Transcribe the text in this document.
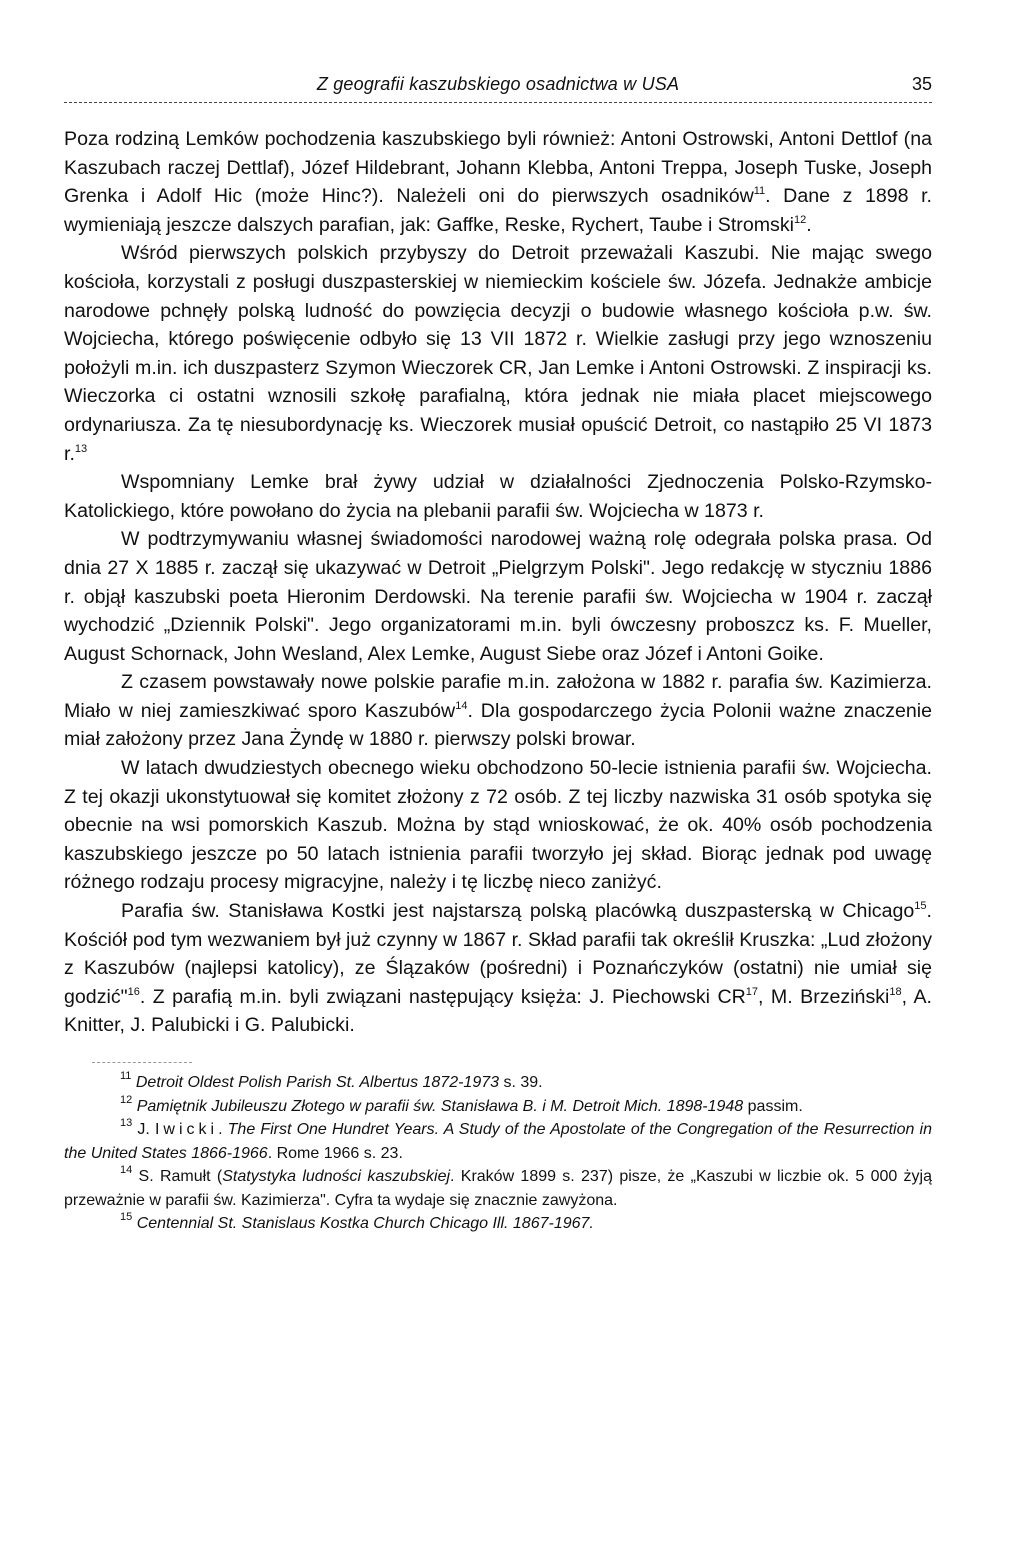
Z geografii kaszubskiego osadnictwa w USA	35

Poza rodziną Lemków pochodzenia kaszubskiego byli również: Antoni Ostrowski, Antoni Dettlof (na Kaszubach raczej Dettlaf), Józef Hildebrant, Johann Klebba, Antoni Treppa, Joseph Tuske, Joseph Grenka i Adolf Hic (może Hinc?). Należeli oni do pierwszych osadników$^{11}$. Dane z 1898 r. wymieniają jeszcze dalszych parafian, jak: Gaffke, Reske, Rychert, Taube i Stromski$^{12}$.

Wśród pierwszych polskich przybyszy do Detroit przeważali Kaszubi. Nie mając swego kościoła, korzystali z posługi duszpasterskiej w niemieckim kościele św. Józefa. Jednakże ambicje narodowe pchnęły polską ludność do powzięcia decyzji o budowie własnego kościoła p.w. św. Wojciecha, którego poświęcenie odbyło się 13 VII 1872 r. Wielkie zasługi przy jego wznoszeniu położyli m.in. ich duszpasterz Szymon Wieczorek CR, Jan Lemke i Antoni Ostrowski. Z inspiracji ks. Wieczorka ci ostatni wznosili szkołę parafialną, która jednak nie miała placet miejscowego ordynariusza. Za tę niesubordynację ks. Wieczorek musiał opuścić Detroit, co nastąpiło 25 VI 1873 r.$^{13}$

Wspomniany Lemke brał żywy udział w działalności Zjednoczenia Polsko-Rzymsko-Katolickiego, które powołano do życia na plebanii parafii św. Wojciecha w 1873 r.

W podtrzymywaniu własnej świadomości narodowej ważną rolę odegrała polska prasa. Od dnia 27 X 1885 r. zaczął się ukazywać w Detroit „Pielgrzym Polski". Jego redakcję w styczniu 1886 r. objął kaszubski poeta Hieronim Derdowski. Na terenie parafii św. Wojciecha w 1904 r. zaczął wychodzić „Dziennik Polski". Jego organizatorami m.in. byli ówczesny proboszcz ks. F. Mueller, August Schornack, John Wesland, Alex Lemke, August Siebe oraz Józef i Antoni Goike.

Z czasem powstawały nowe polskie parafie m.in. założona w 1882 r. parafia św. Kazimierza. Miało w niej zamieszkiwać sporo Kaszubów$^{14}$. Dla gospodarczego życia Polonii ważne znaczenie miał założony przez Jana Żyndę w 1880 r. pierwszy polski browar.

W latach dwudziestych obecnego wieku obchodzono 50-lecie istnienia parafii św. Wojciecha. Z tej okazji ukonstytuował się komitet złożony z 72 osób. Z tej liczby nazwiska 31 osób spotyka się obecnie na wsi pomorskich Kaszub. Można by stąd wnioskować, że ok. 40% osób pochodzenia kaszubskiego jeszcze po 50 latach istnienia parafii tworzyło jej skład. Biorąc jednak pod uwagę różnego rodzaju procesy migracyjne, należy i tę liczbę nieco zaniżyć.

Parafia św. Stanisława Kostki jest najstarszą polską placówką duszpasterską w Chicago$^{15}$. Kościół pod tym wezwaniem był już czynny w 1867 r. Skład parafii tak określił Kruszka: „Lud złożony z Kaszubów (najlepsi katolicy), ze Ślązaków (pośredni) i Poznańczyków (ostatni) nie umiał się godzić"$^{16}$. Z parafią m.in. byli związani następujący księża: J. Piechowski CR$^{17}$, M. Brzeziński$^{18}$, A. Knitter, J. Palubicki i G. Palubicki.

$^{11}$ Detroit Oldest Polish Parish St. Albertus 1872-1973 s. 39.

$^{12}$ Pamiętnik Jubileuszu Złotego w parafii św. Stanisława B. i M. Detroit Mich. 1898-1948 passim.

$^{13}$ J. Iwicki. The First One Hundret Years. A Study of the Apostolate of the Congregation of the Resurrection in the United States 1866-1966. Rome 1966 s. 23.

$^{14}$ S. Ramułt (Statystyka ludności kaszubskiej. Kraków 1899 s. 237) pisze, że „Kaszubi w liczbie ok. 5 000 żyją przeważnie w parafii św. Kazimierza". Cyfra ta wydaje się znacznie zawyżona.

$^{15}$ Centennial St. Stanislaus Kostka Church Chicago Ill. 1867-1967.
